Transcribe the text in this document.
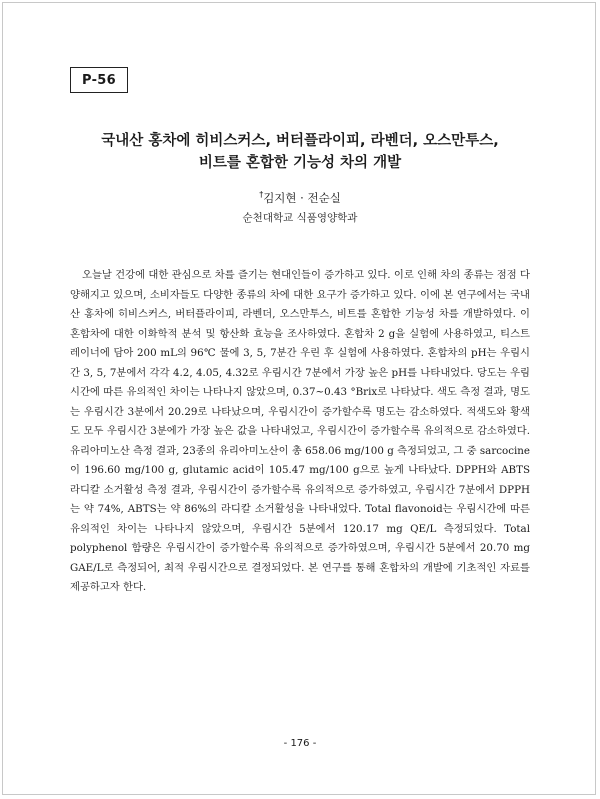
P-56
국내산 홍차에 히비스커스, 버터플라이피, 라벤더, 오스만투스,
비트를 혼합한 기능성 차의 개발
†김지현 · 전순실
순천대학교 식품영양학과

오늘날 건강에 대한 관심으로 차를 즐기는 현대인들이 증가하고 있다. 이로 인해 차의 종류는 점점 다양해지고 있으며, 소비자들도 다양한 종류의 차에 대한 요구가 증가하고 있다. 이에 본 연구에서는 국내산 홍차에 히비스커스, 버터플라이피, 라벤더, 오스만투스, 비트를 혼합한 기능성 차를 개발하였다. 이 혼합차에 대한 이화학적 분석 및 항산화 효능을 조사하였다. 혼합차 2 g을 실험에 사용하였고, 티스트레이너에 담아 200 mL의 96℃ 물에 3, 5, 7분간 우린 후 실험에 사용하였다. 혼합차의 pH는 우림시간 3, 5, 7분에서 각각 4.2, 4.05, 4.32로 우림시간 7분에서 가장 높은 pH를 나타내었다. 당도는 우림시간에 따른 유의적인 차이는 나타나지 않았으며, 0.37~0.43 °Brix로 나타났다. 색도 측정 결과, 명도는 우림시간 3분에서 20.29로 나타났으며, 우림시간이 증가할수록 명도는 감소하였다. 적색도와 황색도 모두 우림시간 3분에가 가장 높은 값을 나타내었고, 우림시간이 증가할수록 유의적으로 감소하였다. 유리아미노산 측정 결과, 23종의 유리아미노산이 총 658.06 mg/100 g 측정되었고, 그 중 sarcocine이 196.60 mg/100 g, glutamic acid이 105.47 mg/100 g으로 높게 나타났다. DPPH와 ABTS 라디칼 소거활성 측정 결과, 우림시간이 증가할수록 유의적으로 증가하였고, 우림시간 7분에서 DPPH는 약 74%, ABTS는 약 86%의 라디칼 소거활성을 나타내었다. Total flavonoid는 우림시간에 따른 유의적인 차이는 나타나지 않았으며, 우림시간 5분에서 120.17 mg QE/L 측정되었다. Total polyphenol 함량은 우림시간이 증가할수록 유의적으로 증가하였으며, 우림시간 5분에서 20.70 mg GAE/L로 측정되어, 최적 우림시간으로 결정되었다. 본 연구를 통해 혼합차의 개발에 기초적인 자료를 제공하고자 한다.

- 176 -
